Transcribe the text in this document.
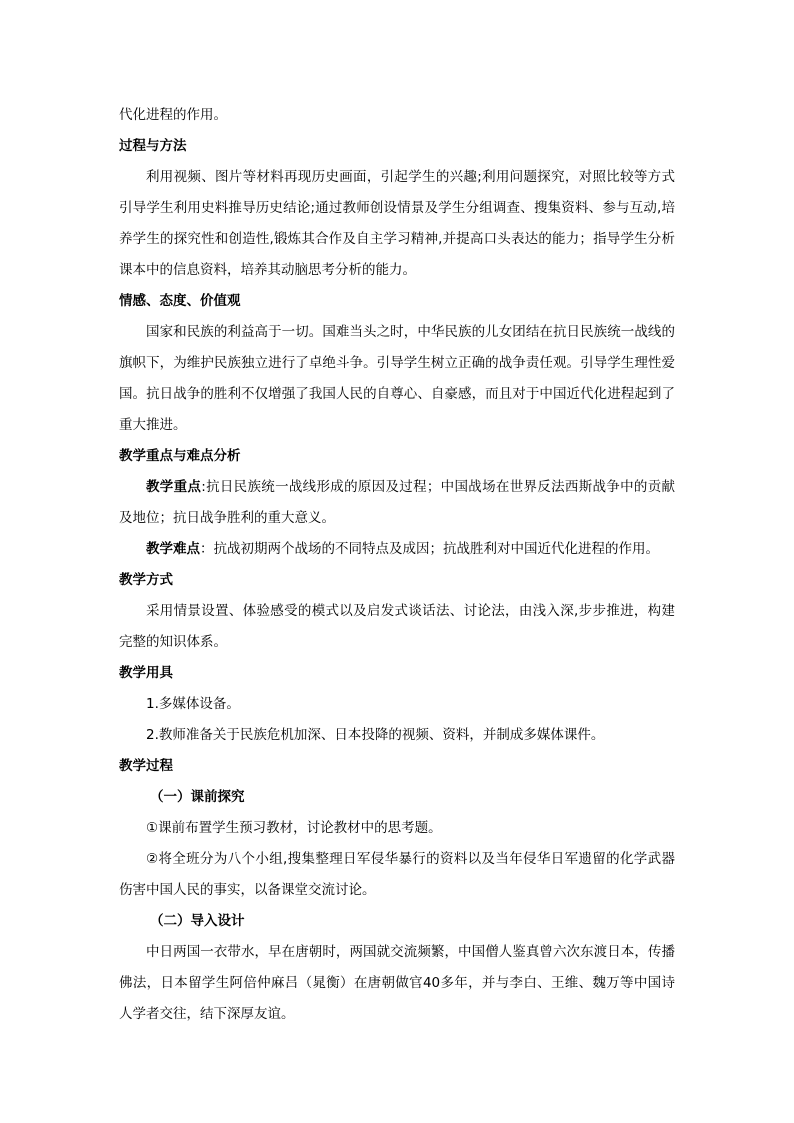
代化进程的作用。

过程与方法

利用视频、图片等材料再现历史画面，引起学生的兴趣;利用问题探究，对照比较等方式引导学生利用史料推导历史结论;通过教师创设情景及学生分组调查、搜集资料、参与互动,培养学生的探究性和创造性,锻炼其合作及自主学习精神,并提高口头表达的能力；指导学生分析课本中的信息资料，培养其动脑思考分析的能力。

情感、态度、价值观

国家和民族的利益高于一切。国难当头之时，中华民族的儿女团结在抗日民族统一战线的旗帜下，为维护民族独立进行了卓绝斗争。引导学生树立正确的战争责任观。引导学生理性爱国。抗日战争的胜利不仅增强了我国人民的自尊心、自豪感，而且对于中国近代化进程起到了重大推进。

教学重点与难点分析

教学重点:抗日民族统一战线形成的原因及过程；中国战场在世界反法西斯战争中的贡献及地位；抗日战争胜利的重大意义。

教学难点：抗战初期两个战场的不同特点及成因；抗战胜利对中国近代化进程的作用。

教学方式

采用情景设置、体验感受的模式以及启发式谈话法、讨论法，由浅入深,步步推进，构建完整的知识体系。

教学用具

1.多媒体设备。

2.教师准备关于民族危机加深、日本投降的视频、资料，并制成多媒体课件。

教学过程

（一）课前探究

①课前布置学生预习教材，讨论教材中的思考题。

②将全班分为八个小组,搜集整理日军侵华暴行的资料以及当年侵华日军遗留的化学武器伤害中国人民的事实，以备课堂交流讨论。

（二）导入设计

中日两国一衣带水，早在唐朝时，两国就交流频繁，中国僧人鉴真曾六次东渡日本，传播佛法，日本留学生阿倍仲麻吕（晁衡）在唐朝做官40多年，并与李白、王维、魏万等中国诗人学者交往，结下深厚友谊。
